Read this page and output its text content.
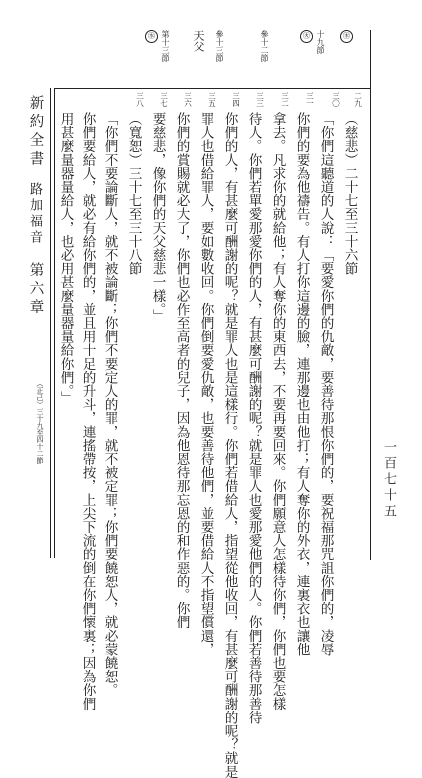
新約全書
路加福音
第六章
一百七十五
㊌ 第十三節 天父 參十三節	參十二節	㊋ 十九節	㊍
二九
三〇
三一
三二
三三
三四
三五
三六
三七
三八
（慈悲）二十七至三十六節
「你們這聽道的人說：「要愛你們的仇敵，要善待那恨你們的，要祝福那咒詛你們的，凌辱
你們的要為他禱告。有人打你這邊的臉，連那邊也由他打；有人奪你的外衣，連裏衣也讓他
拿去。凡求你的就給他；有人奪你的東西去，不要再要回來。你們願意人怎樣待你們，你們也要怎樣
待人。你們若單愛那愛你們的人，有甚麼可酬謝的呢？就是罪人也愛那愛他們的人。你們若善待那善待
你們的人，有甚麼可酬謝的呢？就是罪人也是這樣行。你們若借給人，指望從他收回，有甚麼可酬謝的呢？就是
罪人也借給罪人，要如數收回。你們倒要愛仇敵，也要善待他們，並要借給人不指望償還，
你們的賞賜就必大了，你們也必作至高者的兒子，因為他恩待那忘恩的和作惡的。你們
要慈悲，像你們的天父慈悲一樣。」
（寬恕）三十七至三十八節
「你們不要論斷人，就不被論斷；你們不要定人的罪，就不被定罪；你們要饒恕人，就必蒙饒恕。
你們要給人，就必有給你們的，並且用十足的升斗，連搖帶按，上尖下流的倒在你們懷裏；因為你們
用甚麼量器量給人，也必用甚麼量器量給你們。」
（正己）三十九至四十二節
